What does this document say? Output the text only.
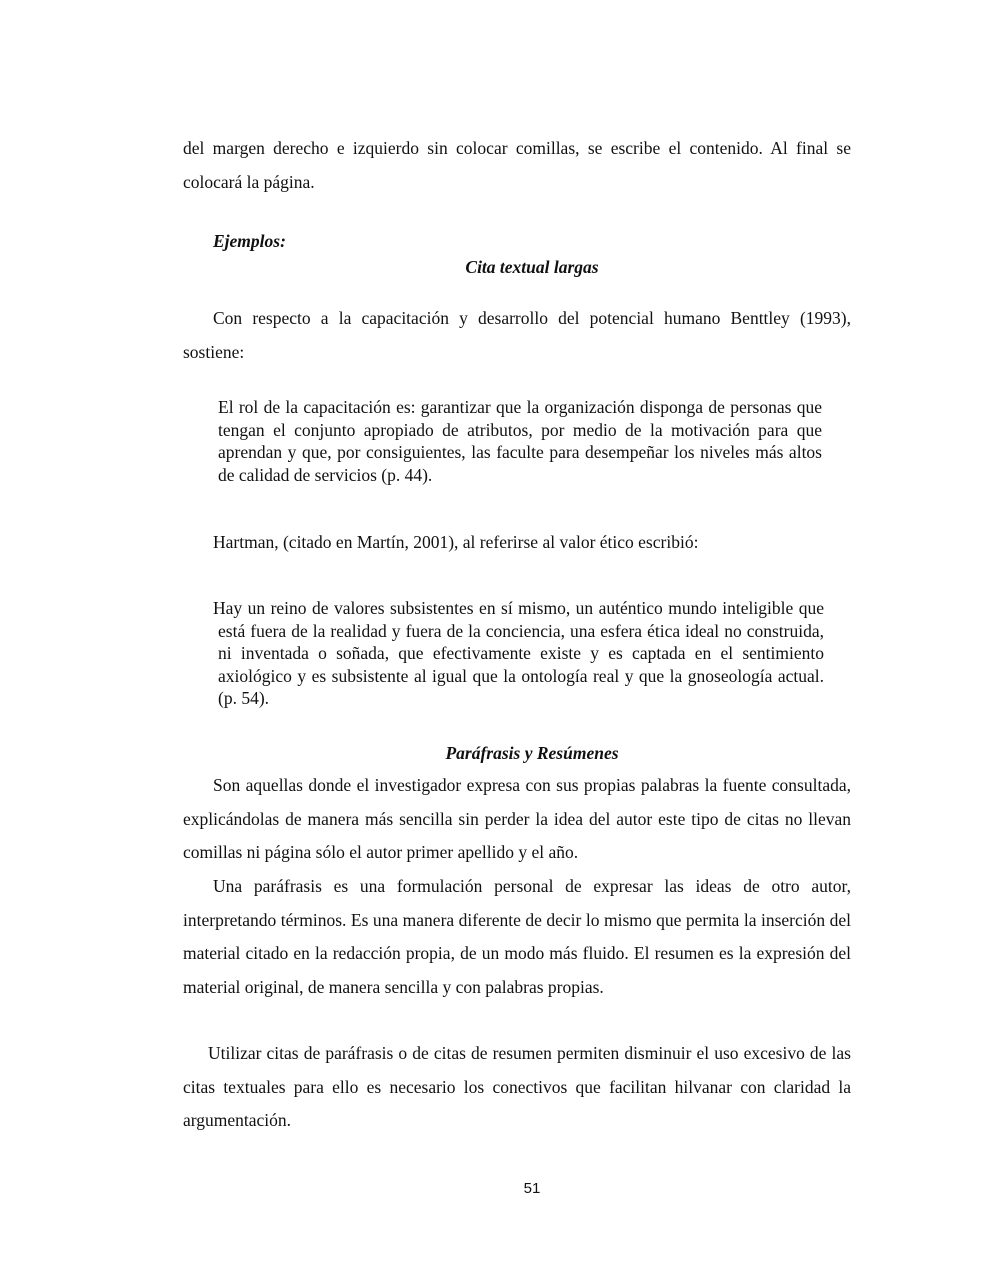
del margen derecho e izquierdo sin colocar comillas, se escribe el contenido. Al final se colocará la página.

Ejemplos:

Cita textual largas

Con respecto a la capacitación y desarrollo del potencial humano Benttley (1993), sostiene:

El rol de la capacitación es: garantizar que la organización disponga de personas que tengan el conjunto apropiado de atributos, por medio de la motivación para que aprendan y que, por consiguientes, las faculte para desempeñar los niveles más altos de calidad de servicios (p. 44).

Hartman, (citado en Martín, 2001), al referirse al valor ético escribió:

Hay un reino de valores subsistentes en sí mismo, un auténtico mundo inteligible que está fuera de la realidad y fuera de la conciencia, una esfera ética ideal no construida, ni inventada o soñada, que efectivamente existe y es captada en el sentimiento axiológico y es subsistente al igual que la ontología real y que la gnoseología actual. (p. 54).

Paráfrasis y Resúmenes

Son aquellas donde el investigador expresa con sus propias palabras la fuente consultada, explicándolas de manera más sencilla sin perder la idea del autor este tipo de citas no llevan comillas ni página sólo el autor primer apellido y el año.

Una paráfrasis es una formulación personal de expresar las ideas de otro autor, interpretando términos. Es una manera diferente de decir lo mismo que permita la inserción del material citado en la redacción propia, de un modo más fluido. El resumen es la expresión del material original, de manera sencilla y con palabras propias.

Utilizar citas de paráfrasis o de citas de resumen permiten disminuir el uso excesivo de las citas textuales para ello es necesario los conectivos que facilitan hilvanar con claridad la argumentación.

51
